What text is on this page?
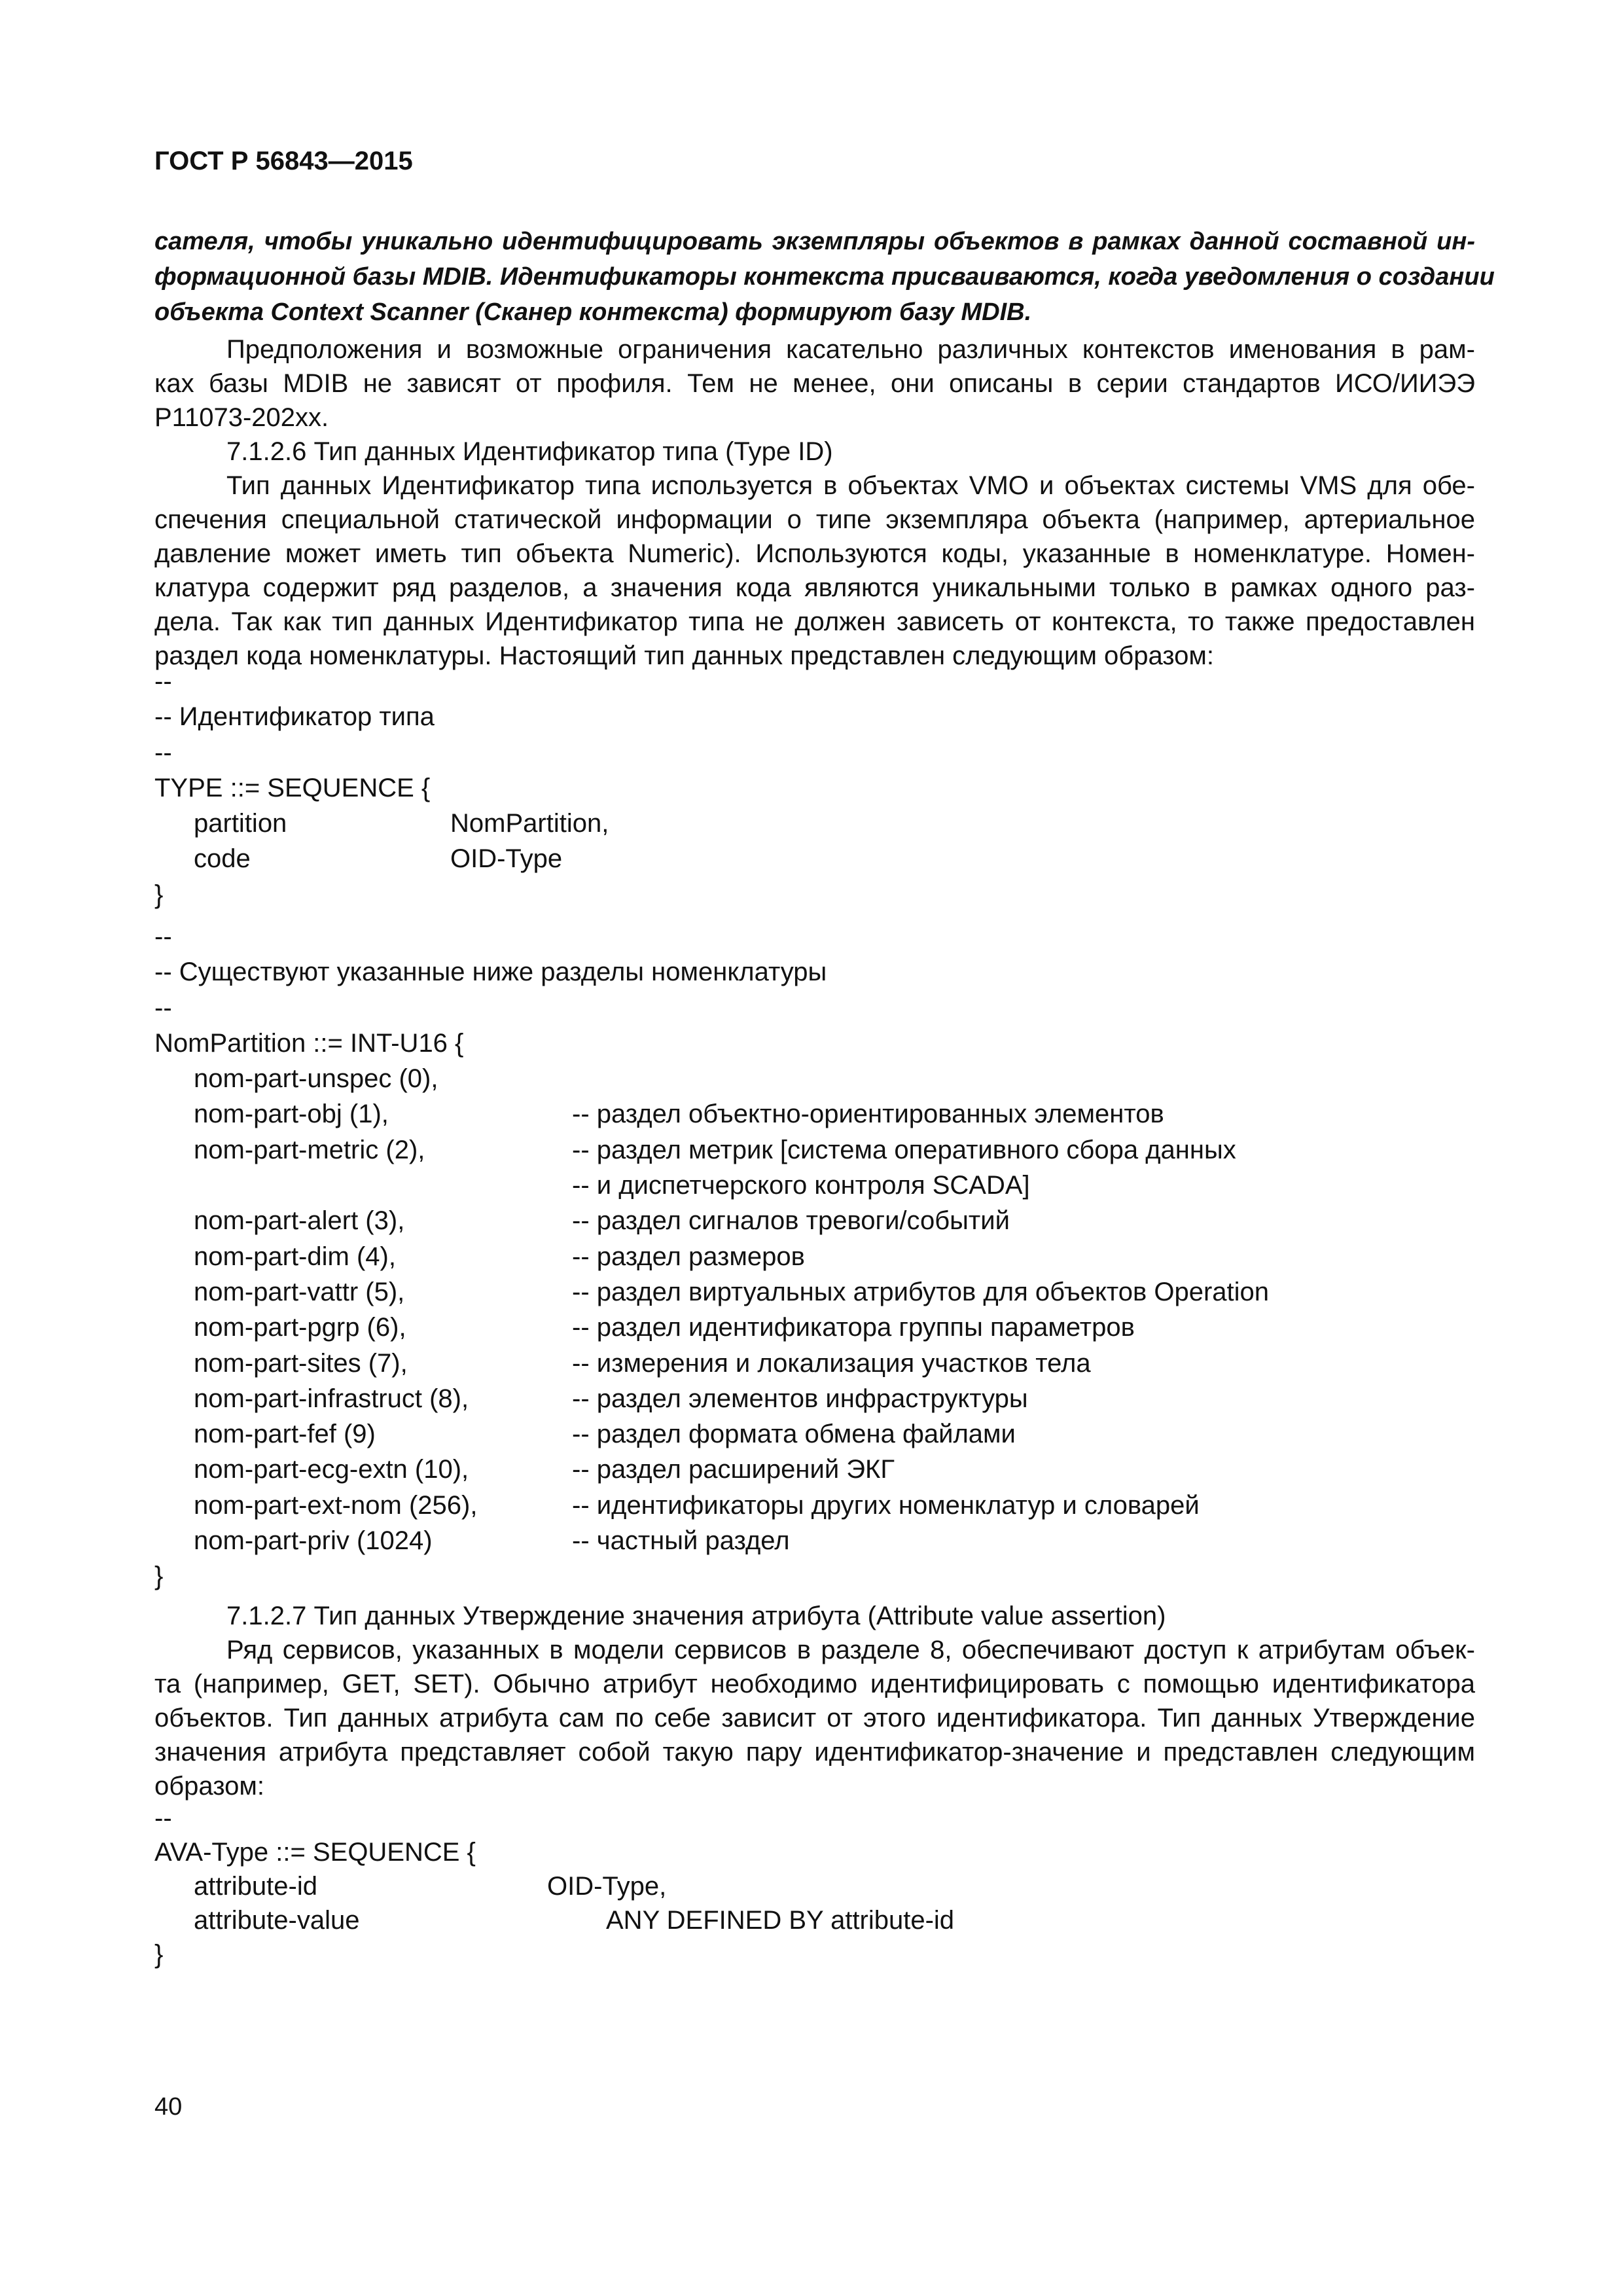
ГОСТ Р 56843—2015
сателя, чтобы уникально идентифицировать экземпляры объектов в рамках данной составной ин-
формационной базы MDIB. Идентификаторы контекста присваиваются, когда уведомления о создании
объекта Context Scanner (Сканер контекста) формируют базу MDIB.
Предположения и возможные ограничения касательно различных контекстов именования в рам-
ках базы MDIB не зависят от профиля. Тем не менее, они описаны в серии стандартов ИСО/ИИЭЭ
P11073-202xx.
7.1.2.6 Тип данных Идентификатор типа (Type ID)
Тип данных Идентификатор типа используется в объектах VMO и объектах системы VMS для обе-
спечения специальной статической информации о типе экземпляра объекта (например, артериальное
давление может иметь тип объекта Numeric). Используются коды, указанные в номенклатуре. Номен-
клатура содержит ряд разделов, а значения кода являются уникальными только в рамках одного раз-
дела. Так как тип данных Идентификатор типа не должен зависеть от контекста, то также предоставлен
раздел кода номенклатуры. Настоящий тип данных представлен следующим образом:
--
-- Идентификатор типа
--
TYPE ::= SEQUENCE {
partition	NomPartition,
code	OID-Type
}
--
-- Существуют указанные ниже разделы номенклатуры
--
NomPartition ::= INT-U16 {
nom-part-unspec (0),
nom-part-obj (1),	-- раздел объектно-ориентированных элементов
nom-part-metric (2),	-- раздел метрик [система оперативного сбора данных
-- и диспетчерского контроля SCADA]
nom-part-alert (3),	-- раздел сигналов тревоги/событий
nom-part-dim (4),	-- раздел размеров
nom-part-vattr (5),	-- раздел виртуальных атрибутов для объектов Operation
nom-part-pgrp (6),	-- раздел идентификатора группы параметров
nom-part-sites (7),	-- измерения и локализация участков тела
nom-part-infrastruct (8),	-- раздел элементов инфраструктуры
nom-part-fef (9)	-- раздел формата обмена файлами
nom-part-ecg-extn (10),	-- раздел расширений ЭКГ
nom-part-ext-nom (256),	-- идентификаторы других номенклатур и словарей
nom-part-priv (1024)	-- частный раздел
}
7.1.2.7 Тип данных Утверждение значения атрибута (Attribute value assertion)
Ряд сервисов, указанных в модели сервисов в разделе 8, обеспечивают доступ к атрибутам объек-
та (например, GET, SET). Обычно атрибут необходимо идентифицировать с помощью идентификатора
объектов. Тип данных атрибута сам по себе зависит от этого идентификатора. Тип данных Утверждение
значения атрибута представляет собой такую пару идентификатор-значение и представлен следующим
образом:
--
AVA-Type ::= SEQUENCE {
attribute-id	OID-Type,
attribute-value	ANY DEFINED BY attribute-id
}
40
